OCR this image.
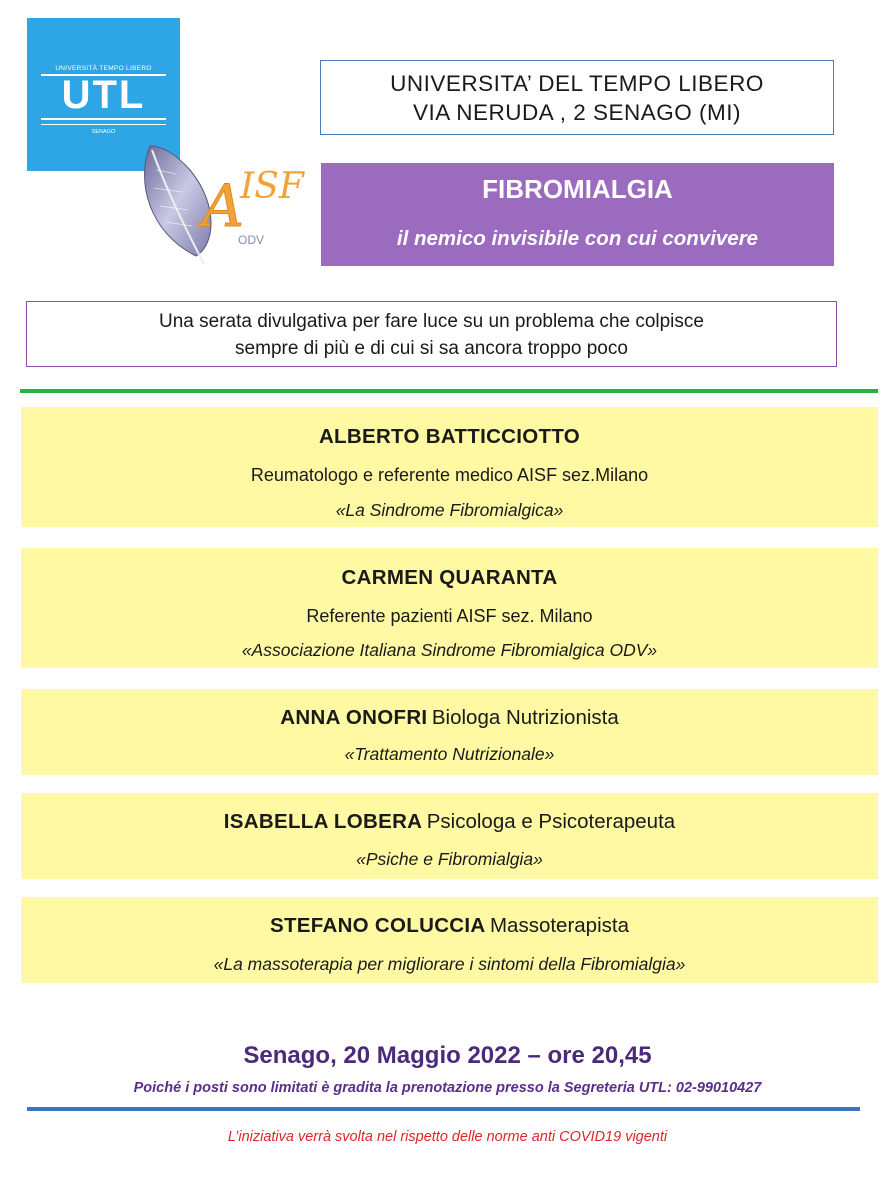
UNIVERSITÀ TEMPO LIBERO
UTL
SENAGO
A
ISF
ODV
UNIVERSITA’ DEL TEMPO LIBERO
VIA NERUDA , 2 SENAGO (MI)
FIBROMIALGIA
il nemico invisibile con cui convivere
Una serata divulgativa per fare luce su un problema che colpisce
sempre di più e di cui si sa ancora troppo poco
ALBERTO BATTICCIOTTO
Reumatologo e referente medico AISF sez.Milano
«La Sindrome Fibromialgica»
CARMEN QUARANTA
Referente pazienti AISF sez. Milano
«Associazione Italiana Sindrome Fibromialgica ODV»
ANNA ONOFRI Biologa Nutrizionista
«Trattamento Nutrizionale»
ISABELLA LOBERA Psicologa e Psicoterapeuta
«Psiche e Fibromialgia»
STEFANO COLUCCIA Massoterapista
«La massoterapia per migliorare i sintomi della Fibromialgia»
Senago, 20 Maggio 2022 – ore 20,45
Poiché i posti sono limitati è gradita la prenotazione presso la Segreteria UTL: 02-99010427
L’iniziativa verrà svolta nel rispetto delle norme anti COVID19 vigenti
